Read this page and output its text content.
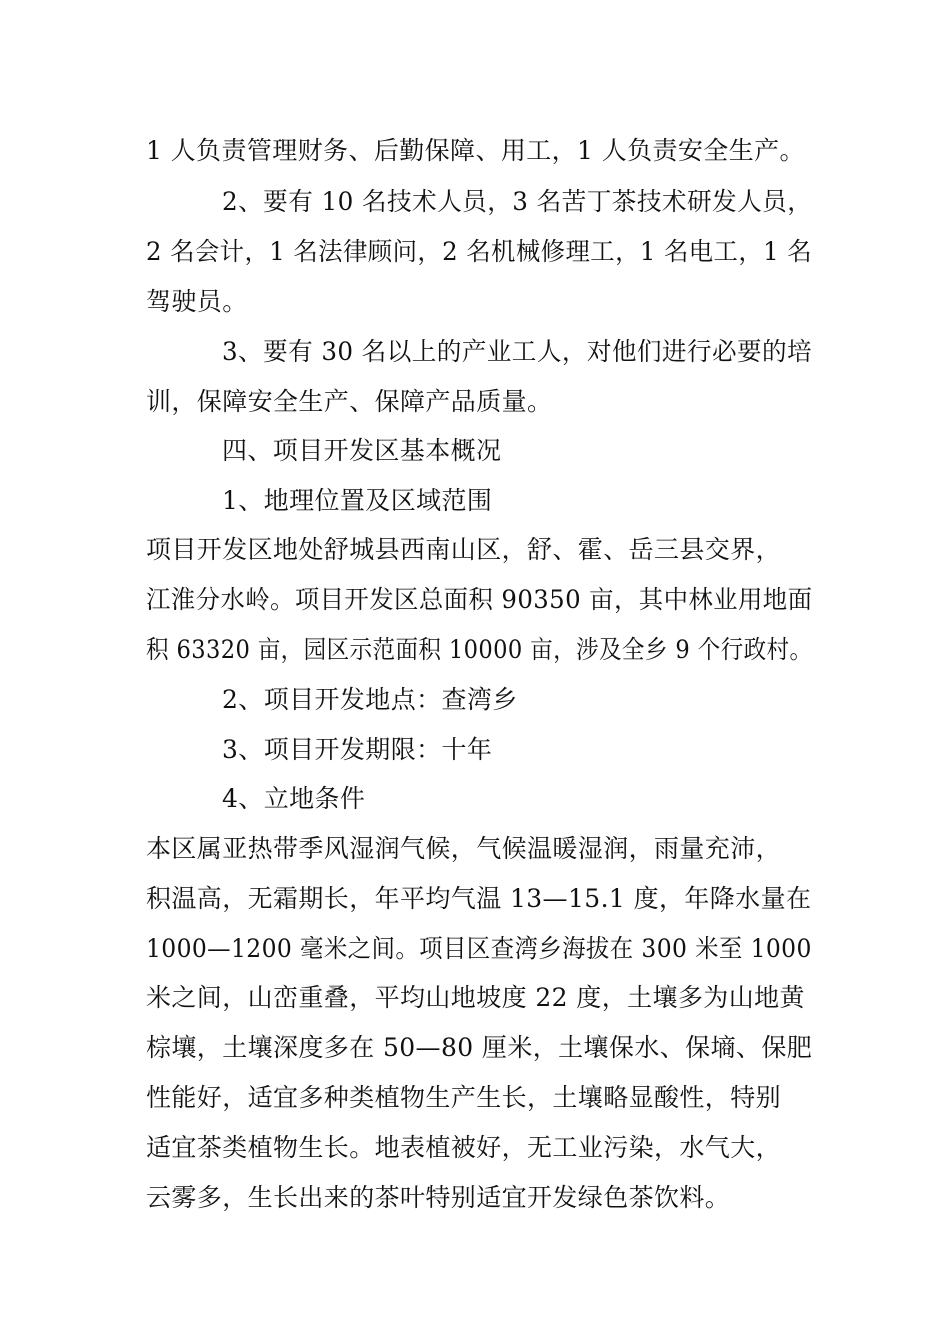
1 人负责管理财务、后勤保障、用工，1 人负责安全生产。
2、要有 10 名技术人员，3 名苦丁茶技术研发人员，
2 名会计，1 名法律顾问，2 名机械修理工，1 名电工，1 名
驾驶员。
3、要有 30 名以上的产业工人，对他们进行必要的培
训，保障安全生产、保障产品质量。
四、项目开发区基本概况
1、地理位置及区域范围
项目开发区地处舒城县西南山区，舒、霍、岳三县交界，
江淮分水岭。项目开发区总面积 90350 亩，其中林业用地面
积 63320 亩，园区示范面积 10000 亩，涉及全乡 9 个行政村。
2、项目开发地点：查湾乡
3、项目开发期限：十年
4、立地条件
本区属亚热带季风湿润气候，气候温暖湿润，雨量充沛，
积温高，无霜期长，年平均气温 13—15.1 度，年降水量在
1000—1200 毫米之间。项目区查湾乡海拔在 300 米至 1000
米之间，山峦重叠，平均山地坡度 22 度，土壤多为山地黄
棕壤，土壤深度多在 50—80 厘米，土壤保水、保墒、保肥
性能好，适宜多种类植物生产生长，土壤略显酸性，特别
适宜茶类植物生长。地表植被好，无工业污染，水气大，
云雾多，生长出来的茶叶特别适宜开发绿色茶饮料。
